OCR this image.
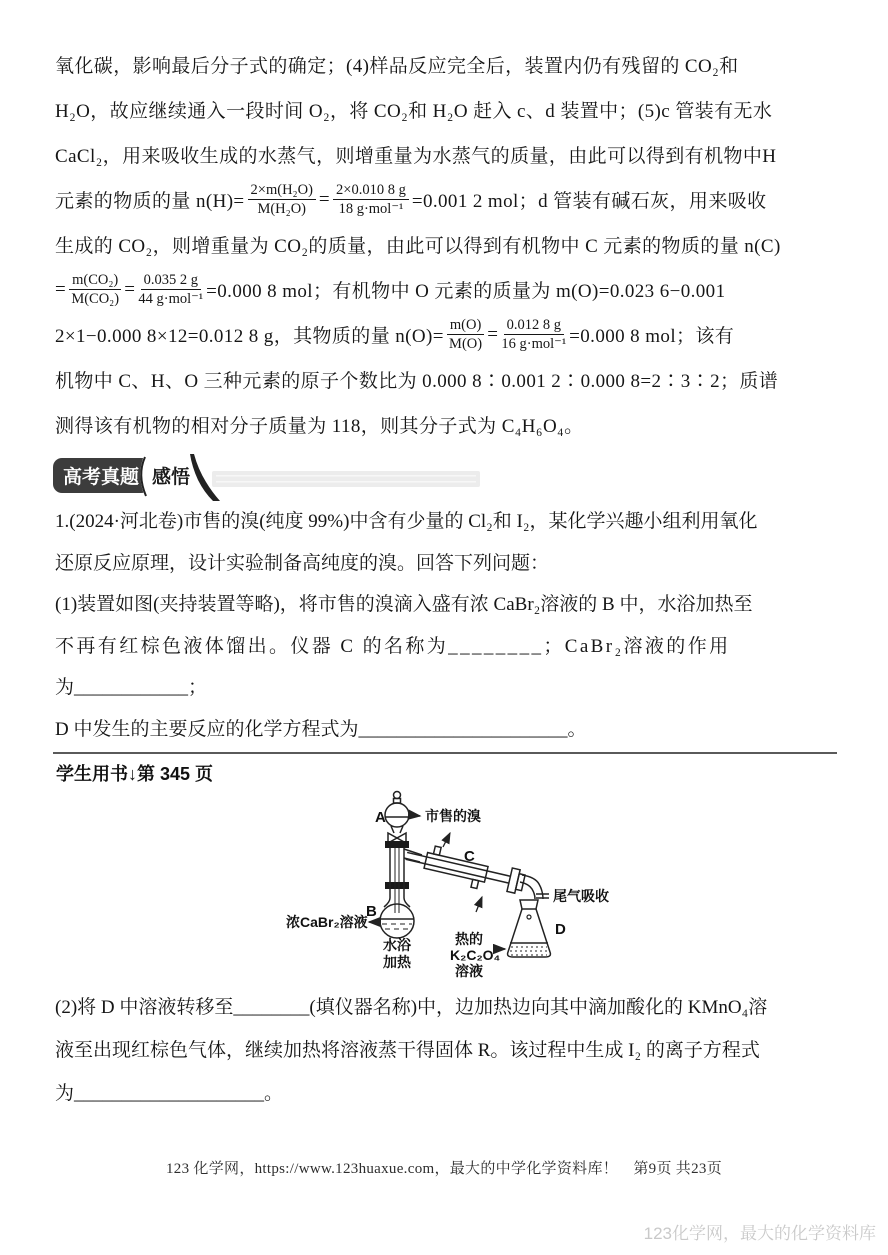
氧化碳，影响最后分子式的确定；(4)样品反应完全后，装置内仍有残留的 CO₂和
H₂O，故应继续通入一段时间 O₂，将 CO₂和 H₂O 赶入 c、d 装置中；(5)c 管装有无水
CaCl₂，用来吸收生成的水蒸气，则增重量为水蒸气的质量，由此可以得到有机物中H
元素的物质的量 $n(H)= \frac{\text{2×m(H₂O)}}{\text{M(H₂O)}} = \frac{2\times 0.010 8 g}{\text{18 g·mol⁻¹}} =0.001$ 2 mol；d 管装有碱石灰，用来吸收
生成的 CO₂，则增重量为 CO₂的质量，由此可以得到有机物中 C 元素的物质的量 n(C)
= $\frac{\text{m(CO₂)}}{\text{M(CO₂)}} = \frac{0.035 2 g}{\text{44 g·mol⁻¹}} =0.000$ 8 mol；有机物中 O 元素的质量为 m(O)=0.023 6−0.001
2×1−0.000 8×12=0.012 8 g，其物质的量 $n(O)= \frac{m(O)}{M(O)} = \frac{0.012 8 g}{\text{16 g·mol⁻¹}} =0.000$ 8 mol；该有
机物中 C、H、O 三种元素的原子个数比为 0.000 8∶0.001 2∶0.000 8=2∶3∶2；质谱
测得该有机物的相对分子质量为 118，则其分子式为 C₄H₆O₄。
高考真题 感悟
1.(2024·河北卷)市售的溴(纯度 99%)中含有少量的 Cl₂和 I₂，某化学兴趣小组利用氧化
还原反应原理，设计实验制备高纯度的溴。回答下列问题：
(1)装置如图(夹持装置等略)，将市售的溴滴入盛有浓 CaBr₂溶液的 B 中，水浴加热至
不再有红棕色液体馏出。仪器 C 的名称为________；CaBr₂溶液的作用
为____________；
D 中发生的主要反应的化学方程式为______________________。
学生用书↓第 345 页
A	市售的溴
B
浓CaBr₂溶液
水浴
加热
C
尾气吸收
D
热的
K₂C₂O₄
溶液
(2)将 D 中溶液转移至________(填仪器名称)中，边加热边向其中滴加酸化的 KMnO₄溶
液至出现红棕色气体，继续加热将溶液蒸干得固体 R。该过程中生成 I₂ 的离子方程式
为____________________。
123 化学网，https://www.123huaxue.com，最大的中学化学资料库！　第9页 共23页
123化学网，最大的化学资料库
